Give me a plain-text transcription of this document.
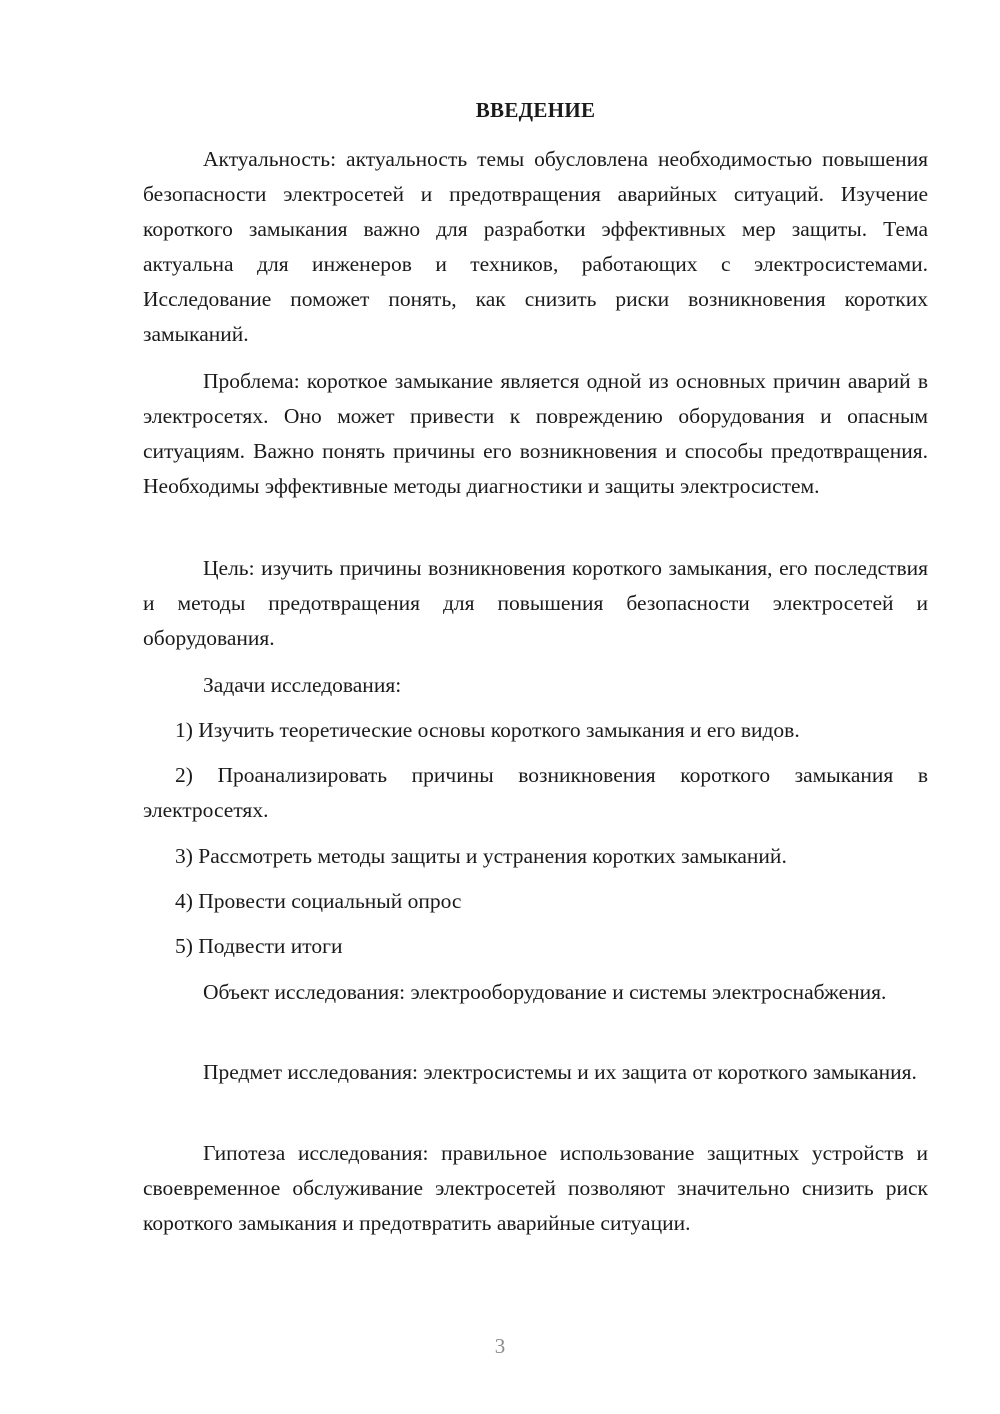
ВВЕДЕНИЕ

Актуальность: актуальность темы обусловлена необходимостью повышения безопасности электросетей и предотвращения аварийных ситуаций. Изучение короткого замыкания важно для разработки эффективных мер защиты. Тема актуальна для инженеров и техников, работающих с электросистемами. Исследование поможет понять, как снизить риски возникновения коротких замыканий.

Проблема: короткое замыкание является одной из основных причин аварий в электросетях. Оно может привести к повреждению оборудования и опасным ситуациям. Важно понять причины его возникновения и способы предотвращения. Необходимы эффективные методы диагностики и защиты электросистем.

Цель: изучить причины возникновения короткого замыкания, его последствия и методы предотвращения для повышения безопасности электросетей и оборудования.

Задачи исследования:

1) Изучить теоретические основы короткого замыкания и его видов.

2) Проанализировать причины возникновения короткого замыкания в электросетях.

3) Рассмотреть методы защиты и устранения коротких замыканий.

4) Провести социальный опрос

5) Подвести итоги

Объект исследования: электрооборудование и системы электроснабжения.

Предмет исследования: электросистемы и их защита от короткого замыкания.

Гипотеза исследования: правильное использование защитных устройств и своевременное обслуживание электросетей позволяют значительно снизить риск короткого замыкания и предотвратить аварийные ситуации.

3
